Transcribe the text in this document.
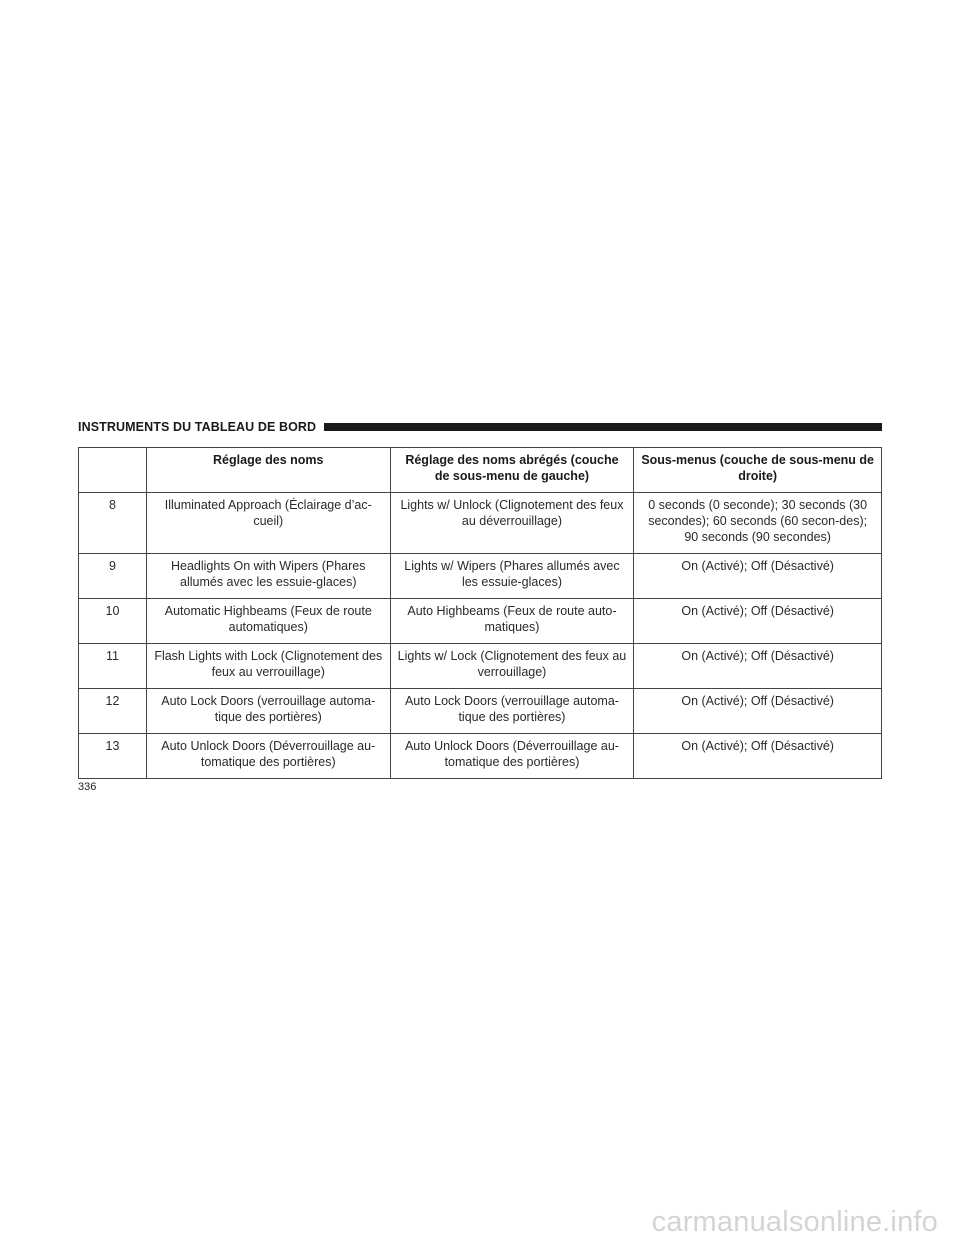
INSTRUMENTS DU TABLEAU DE BORD
	Réglage des noms	Réglage des noms abrégés (couche de sous-menu de gauche)	Sous-menus (couche de sous-menu de droite)
8	Illuminated Approach (Éclairage d’ac-cueil)	Lights w/ Unlock (Clignotement des feux au déverrouillage)	0 seconds (0 seconde); 30 seconds (30 secondes); 60 seconds (60 secon-des); 90 seconds (90 secondes)
9	Headlights On with Wipers (Phares allumés avec les essuie-glaces)	Lights w/ Wipers (Phares allumés avec les essuie-glaces)	On (Activé); Off (Désactivé)
10	Automatic Highbeams (Feux de route automatiques)	Auto Highbeams (Feux de route auto-matiques)	On (Activé); Off (Désactivé)
11	Flash Lights with Lock (Clignotement des feux au verrouillage)	Lights w/ Lock (Clignotement des feux au verrouillage)	On (Activé); Off (Désactivé)
12	Auto Lock Doors (verrouillage automa-tique des portières)	Auto Lock Doors (verrouillage automa-tique des portières)	On (Activé); Off (Désactivé)
13	Auto Unlock Doors (Déverrouillage au-tomatique des portières)	Auto Unlock Doors (Déverrouillage au-tomatique des portières)	On (Activé); Off (Désactivé)
336
carmanualsonline.info
